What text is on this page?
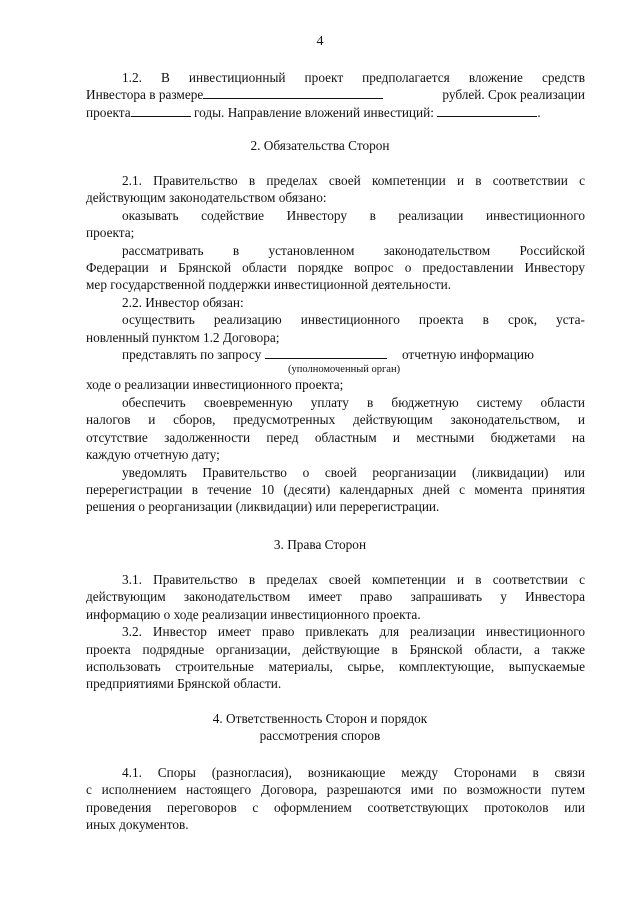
4
1.2. В инвестиционный проект предполагается вложение средств
Инвестора в размере	рублей. Срок реализации
проекта	годы. Направление вложений инвестиций:	.
2. Обязательства Сторон
2.1. Правительство в пределах своей компетенции и в соответствии с
действующим законодательством обязано:
оказывать содействие Инвестору в реализации инвестиционного
проекта;
рассматривать в установленном законодательством Российской
Федерации и Брянской области порядке вопрос о предоставлении Инвестору
мер государственной поддержки инвестиционной деятельности.
2.2. Инвестор обязан:
осуществить реализацию инвестиционного проекта в срок, уста-
новленный пунктом 1.2 Договора;
представлять по запросу	отчетную информацию
(уполномоченный орган)
ходе о реализации инвестиционного проекта;
обеспечить своевременную уплату в бюджетную систему области
налогов и сборов, предусмотренных действующим законодательством, и
отсутствие задолженности перед областным и местными бюджетами на
каждую отчетную дату;
уведомлять Правительство о своей реорганизации (ликвидации) или
перерегистрации в течение 10 (десяти) календарных дней с момента принятия
решения о реорганизации (ликвидации) или перерегистрации.
3. Права Сторон
3.1. Правительство в пределах своей компетенции и в соответствии с
действующим законодательством имеет право запрашивать у Инвестора
информацию о ходе реализации инвестиционного проекта.
3.2. Инвестор имеет право привлекать для реализации инвестиционного
проекта подрядные организации, действующие в Брянской области, а также
использовать строительные материалы, сырье, комплектующие, выпускаемые
предприятиями Брянской области.
4. Ответственность Сторон и порядок
рассмотрения споров
4.1. Споры (разногласия), возникающие между Сторонами в связи
с исполнением настоящего Договора, разрешаются ими по возможности путем
проведения переговоров с оформлением соответствующих протоколов или
иных документов.
